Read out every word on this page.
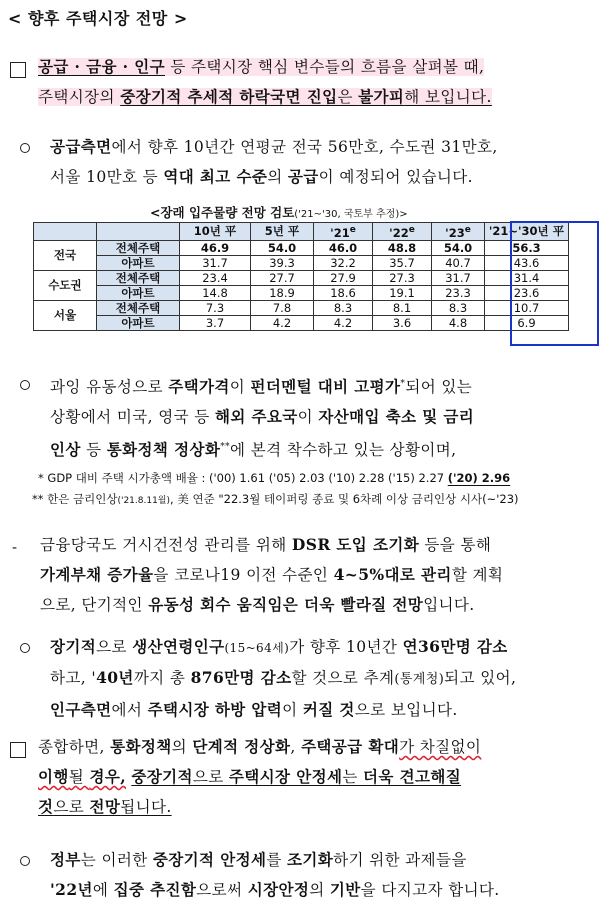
< 향후 주택시장 전망 >
공급 · 금융 · 인구 등 주택시장 핵심 변수들의 흐름을 살펴볼 때,
주택시장의 중장기적 추세적 하락국면 진입은 불가피해 보입니다.
공급측면에서 향후 10년간 연평균 전국 56만호, 수도권 31만호,
서울 10만호 등 역대 최고 수준의 공급이 예정되어 있습니다.
<장래 입주물량 전망 검토('21~'30, 국토부 추정)>
		10년 平	5년 平	'21e	'22e	'23e	'21~'30년 平
전국	전체주택	46.9	54.0	46.0	48.8	54.0	56.3
	아파트	31.7	39.3	32.2	35.7	40.7	43.6
수도권	전체주택	23.4	27.7	27.9	27.3	31.7	31.4
	아파트	14.8	18.9	18.6	19.1	23.3	23.6
서울	전체주택	7.3	7.8	8.3	8.1	8.3	10.7
	아파트	3.7	4.2	4.2	3.6	4.8	6.9
과잉 유동성으로 주택가격이 펀더멘털 대비 고평가*되어 있는
상황에서 미국, 영국 등 해외 주요국이 자산매입 축소 및 금리
인상 등 통화정책 정상화**에 본격 착수하고 있는 상황이며,
* GDP 대비 주택 시가총액 배율 : ('00) 1.61 ('05) 2.03 ('10) 2.28 ('15) 2.27 ('20) 2.96
** 한은 금리인상('21.8.11월), 美 연준 "22.3월 테이퍼링 종료 및 6차례 이상 금리인상 시사(~'23)
- 금융당국도 거시건전성 관리를 위해 DSR 도입 조기화 등을 통해
가계부채 증가율을 코로나19 이전 수준인 4~5%대로 관리할 계획
으로, 단기적인 유동성 회수 움직임은 더욱 빨라질 전망입니다.
장기적으로 생산연령인구(15~64세)가 향후 10년간 연36만명 감소
하고, '40년까지 총 876만명 감소할 것으로 추계(통계청)되고 있어,
인구측면에서 주택시장 하방 압력이 커질 것으로 보입니다.
종합하면, 통화정책의 단계적 정상화, 주택공급 확대가 차질없이
이행될 경우, 중장기적으로 주택시장 안정세는 더욱 견고해질
것으로 전망됩니다.
정부는 이러한 중장기적 안정세를 조기화하기 위한 과제들을
'22년에 집중 추진함으로써 시장안정의 기반을 다지고자 합니다.
